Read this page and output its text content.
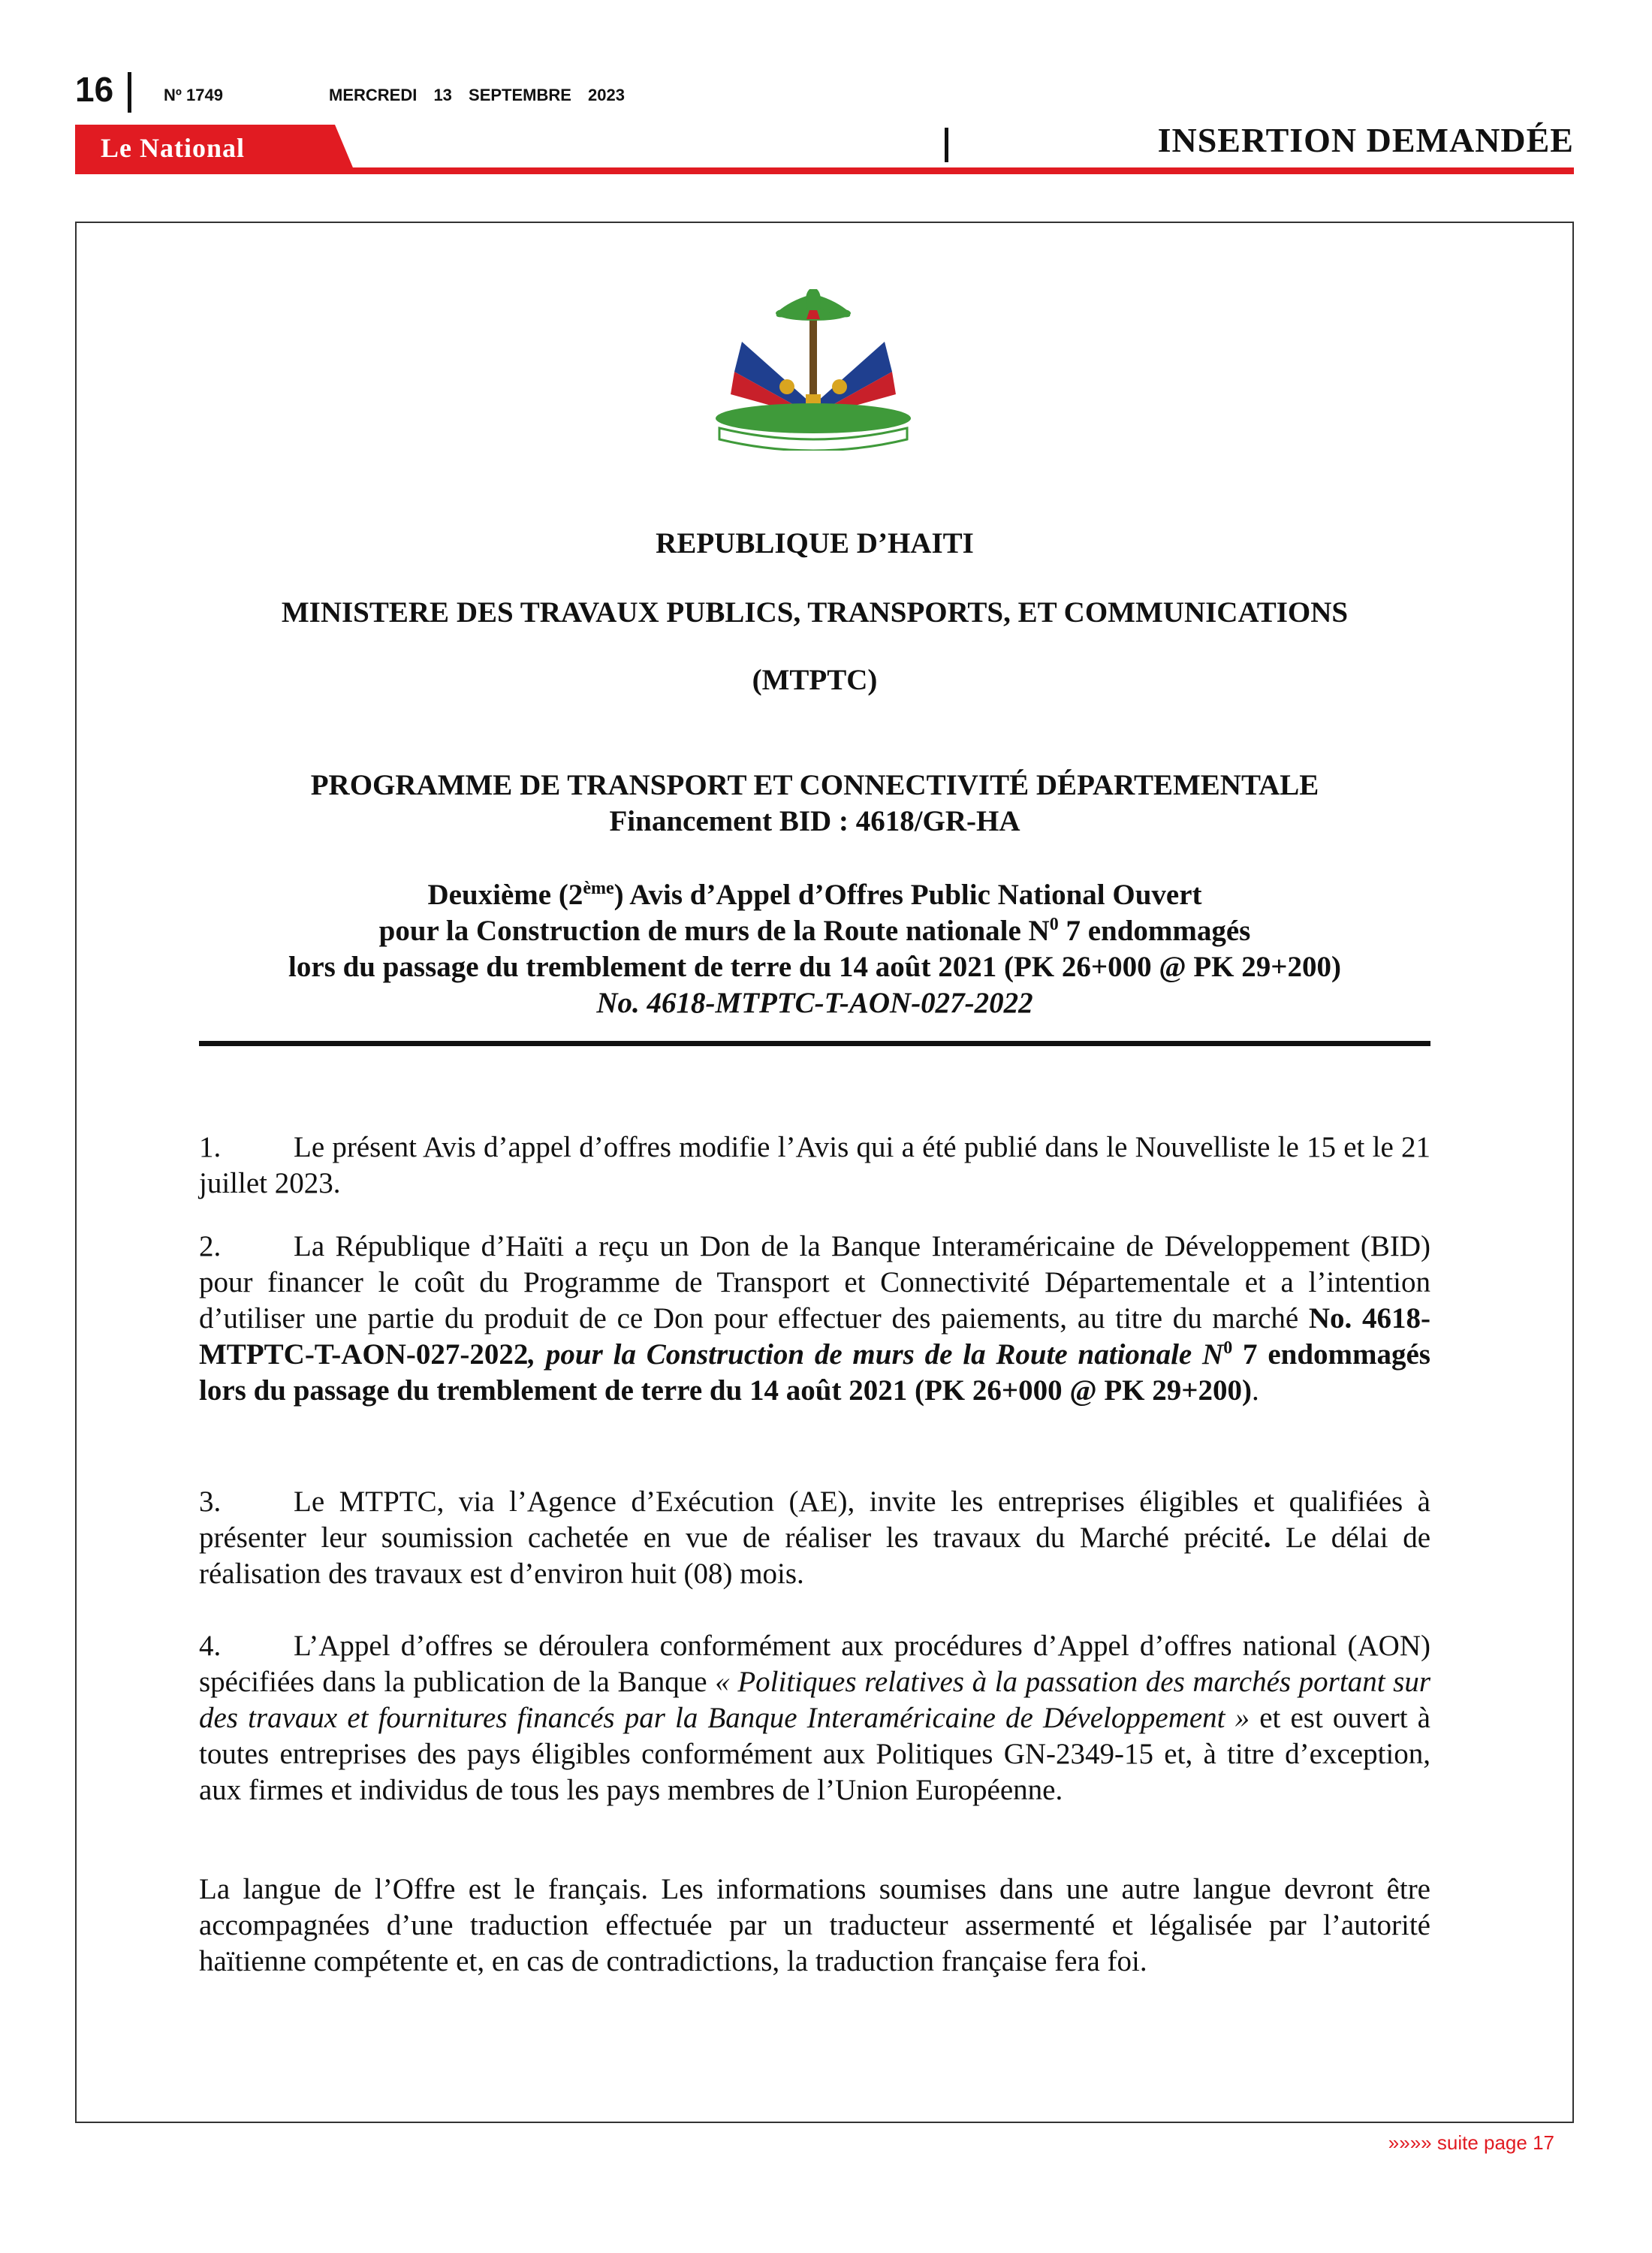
16	Nº 1749	MERCREDI 13 SEPTEMBRE 2023
Le National	INSERTION DEMANDÉE
REPUBLIQUE D’HAITI
MINISTERE DES TRAVAUX PUBLICS, TRANSPORTS, ET COMMUNICATIONS
(MTPTC)
PROGRAMME DE TRANSPORT ET CONNECTIVITÉ DÉPARTEMENTALE
Financement BID : 4618/GR-HA
Deuxième (2ème) Avis d’Appel d’Offres Public National Ouvert
pour la Construction de murs de la Route nationale $N^0$ 7 endommagés
lors du passage du tremblement de terre du 14 août 2021 (PK 26+000 @ PK 29+200)
No. 4618-MTPTC-T-AON-027-2022
1. Le présent Avis d’appel d’offres modifie l’Avis qui a été publié dans le Nouvelliste le 15 et le 21 juillet 2023.
2. La République d’Haïti a reçu un Don de la Banque Interaméricaine de Développement (BID) pour financer le coût du Programme de Transport et Connectivité Départementale et a l’intention d’utiliser une partie du produit de ce Don pour effectuer des paiements, au titre du marché No. 4618-MTPTC-T-AON-027-2022, pour la Construction de murs de la Route nationale $N^0$ 7 endommagés lors du passage du tremblement de terre du 14 août 2021 (PK 26+000 @ PK 29+200).
3. Le MTPTC, via l’Agence d’Exécution (AE), invite les entreprises éligibles et qualifiées à présenter leur soumission cachetée en vue de réaliser les travaux du Marché précité. Le délai de réalisation des travaux est d’environ huit (08) mois.
4. L’Appel d’offres se déroulera conformément aux procédures d’Appel d’offres national (AON) spécifiées dans la publication de la Banque « Politiques relatives à la passation des marchés portant sur des travaux et fournitures financés par la Banque Interaméricaine de Développement » et est ouvert à toutes entreprises des pays éligibles conformément aux Politiques GN-2349-15 et, à titre d’exception, aux firmes et individus de tous les pays membres de l’Union Européenne.
La langue de l’Offre est le français. Les informations soumises dans une autre langue devront être accompagnées d’une traduction effectuée par un traducteur assermenté et légalisée par l’autorité haïtienne compétente et, en cas de contradictions, la traduction française fera foi.
»»»» suite page 17
